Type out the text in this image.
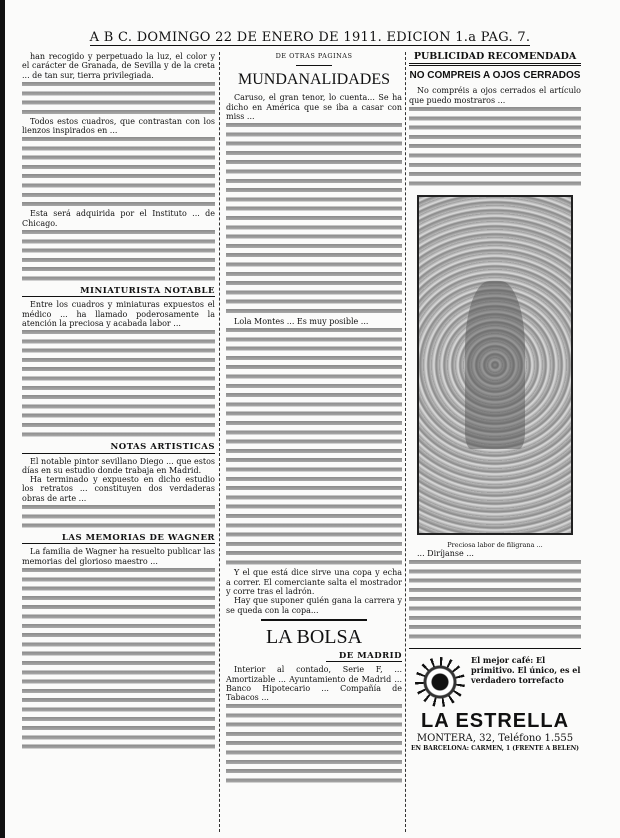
A B C. DOMINGO 22 DE ENERO DE 1911. EDICION 1.a PAG. 7.

han recogido y perpetuado la luz, el color y el carácter de Granada, de Sevilla y de la creta ... de tan sur, tierra privilegiada.

Todos estos cuadros, que contrastan con los lienzos inspirados en ...

Esta será adquirida por el Instituto ... de Chicago.

MINIATURISTA NOTABLE

Entre los cuadros y miniaturas expuestos el médico ... ha llamado poderosamente la atención la preciosa y acabada labor ...

NOTAS ARTISTICAS

El notable pintor sevillano Diego ... que estos días en su estudio donde trabaja en Madrid.

Ha terminado y expuesto en dicho estudio los retratos ... constituyen dos verdaderas obras de arte ...

LAS MEMORIAS DE WAGNER

La familia de Wagner ha resuelto publicar las memorias del glorioso maestro ...

DE OTRAS PAGINAS
MUNDANALIDADES

Caruso, el gran tenor, lo cuenta... Se ha dicho en América que se iba a casar con miss ...

Lola Montes ... Es muy posible ...

Y el que está dice sirve una copa y echa a correr. El comerciante salta el mostrador y corre tras el ladrón.

Hay que suponer quién gana la carrera y se queda con la copa...

LA BOLSA
DE MADRID

Interior al contado, Serie F, ... Amortizable ... Ayuntamiento de Madrid ... Banco Hipotecario ... Compañía de Tabacos ...

PUBLICIDAD RECOMENDADA
NO COMPREIS A OJOS CERRADOS

No compréis a ojos cerrados el artículo que puedo mostraros ...

Preciosa labor de filigrana ...

... Diríjanse ...

El mejor café: El primitivo. El único, es el verdadero torrefacto
LA ESTRELLA
MONTERA, 32, Teléfono 1.555
EN BARCELONA: CARMEN, 1 (FRENTE A BELEN)
